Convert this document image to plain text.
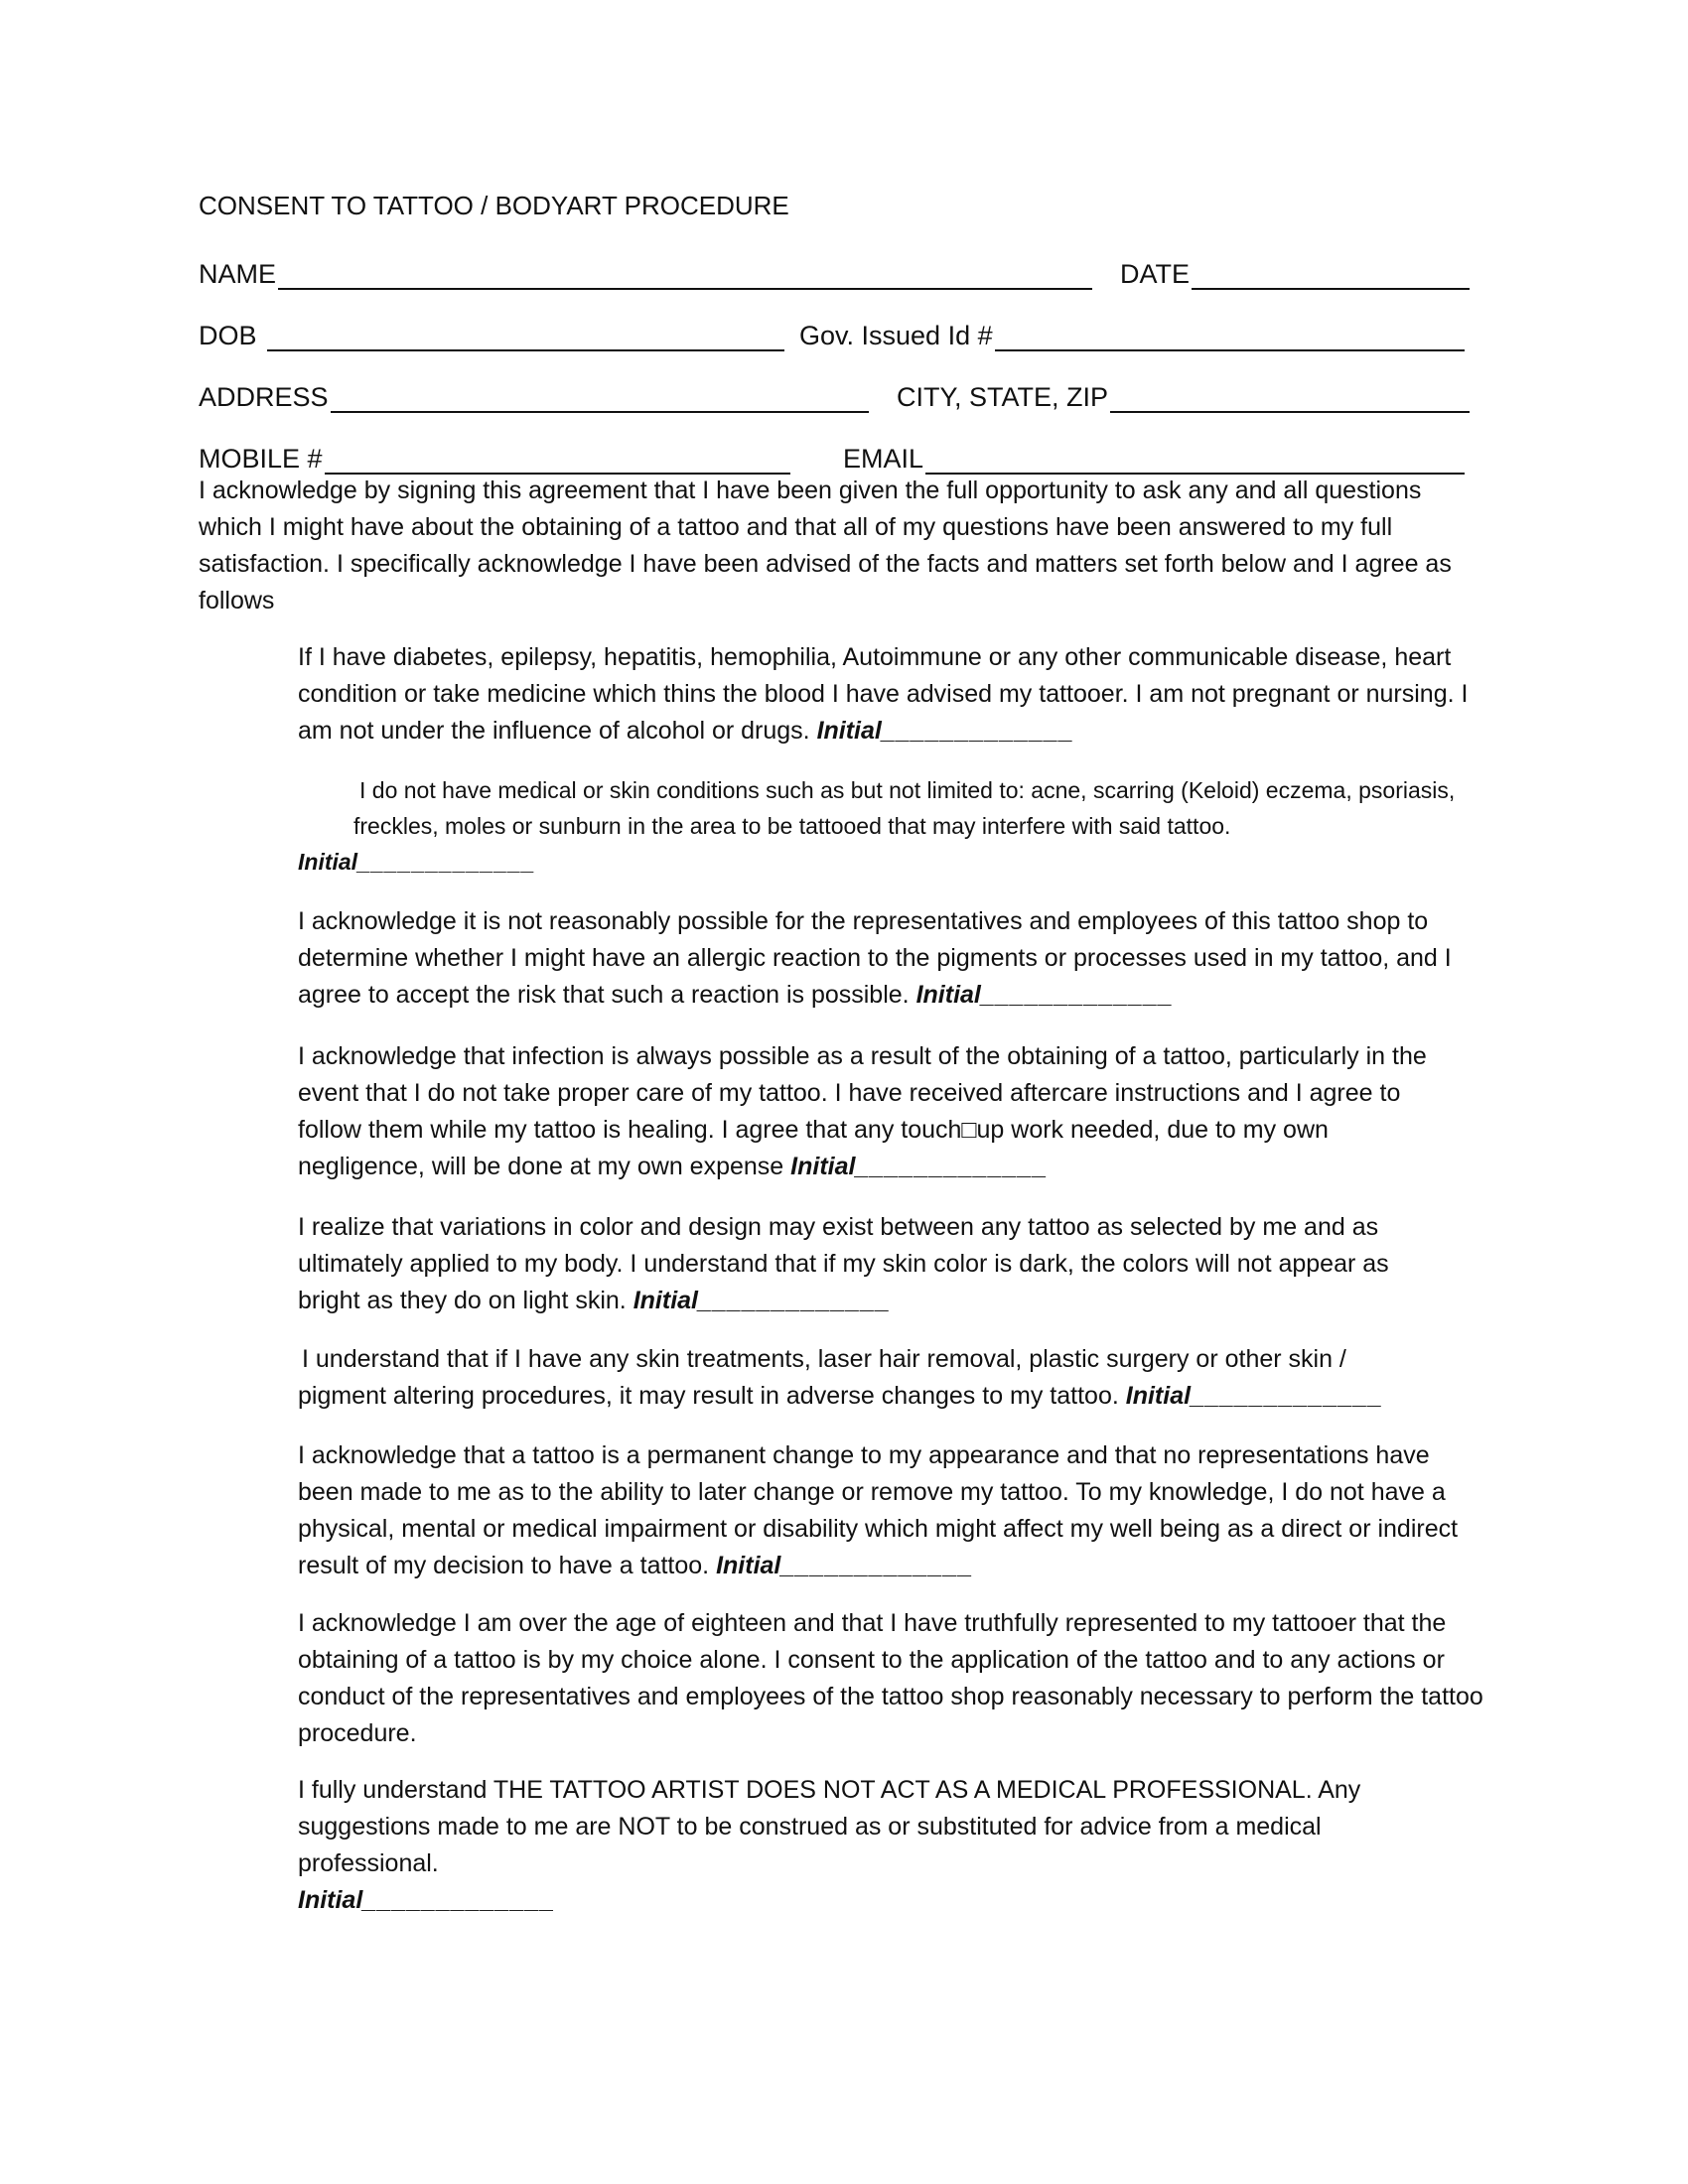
CONSENT TO TATTOO / BODYART PROCEDURE
NAME	DATE
DOB	Gov. Issued Id #
ADDRESS	CITY, STATE, ZIP
MOBILE #	EMAIL
I acknowledge by signing this agreement that I have been given the full opportunity to ask any and all questions which I might have about the obtaining of a tattoo and that all of my questions have been answered to my full satisfaction. I specifically acknowledge I have been advised of the facts and matters set forth below and I agree as follows
If I have diabetes, epilepsy, hepatitis, hemophilia, Autoimmune or any other communicable disease, heart condition or take medicine which thins the blood I have advised my tattooer. I am not pregnant or nursing. I am not under the influence of alcohol or drugs. Initial_____________
I do not have medical or skin conditions such as but not limited to: acne, scarring (Keloid) eczema, psoriasis, freckles, moles or sunburn in the area to be tattooed that may interfere with said tattoo.
Initial_____________
I acknowledge it is not reasonably possible for the representatives and employees of this tattoo shop to determine whether I might have an allergic reaction to the pigments or processes used in my tattoo, and I agree to accept the risk that such a reaction is possible. Initial_____________
I acknowledge that infection is always possible as a result of the obtaining of a tattoo, particularly in the event that I do not take proper care of my tattoo. I have received aftercare instructions and I agree to follow them while my tattoo is healing. I agree that any touch□up work needed, due to my own negligence, will be done at my own expense Initial_____________
I realize that variations in color and design may exist between any tattoo as selected by me and as ultimately applied to my body. I understand that if my skin color is dark, the colors will not appear as bright as they do on light skin. Initial_____________
I understand that if I have any skin treatments, laser hair removal, plastic surgery or other skin / pigment altering procedures, it may result in adverse changes to my tattoo. Initial_____________
I acknowledge that a tattoo is a permanent change to my appearance and that no representations have been made to me as to the ability to later change or remove my tattoo. To my knowledge, I do not have a physical, mental or medical impairment or disability which might affect my well being as a direct or indirect result of my decision to have a tattoo. Initial_____________
I acknowledge I am over the age of eighteen and that I have truthfully represented to my tattooer that the obtaining of a tattoo is by my choice alone. I consent to the application of the tattoo and to any actions or conduct of the representatives and employees of the tattoo shop reasonably necessary to perform the tattoo procedure.
I fully understand THE TATTOO ARTIST DOES NOT ACT AS A MEDICAL PROFESSIONAL. Any suggestions made to me are NOT to be construed as or substituted for advice from a medical professional.
Initial_____________
